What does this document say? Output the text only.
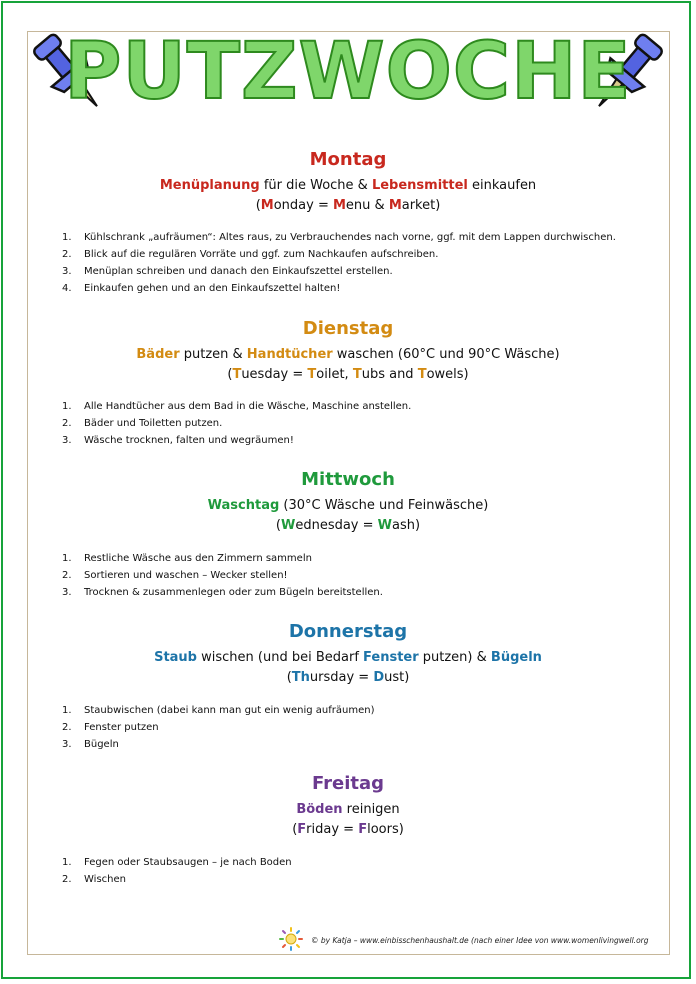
PUTZWOCHE
Montag
Menüplanung für die Woche & Lebensmittel einkaufen
(Monday = Menu & Market)
1. Kühlschrank „aufräumen“: Altes raus, zu Verbrauchendes nach vorne, ggf. mit dem Lappen durchwischen.
2. Blick auf die regulären Vorräte und ggf. zum Nachkaufen aufschreiben.
3. Menüplan schreiben und danach den Einkaufszettel erstellen.
4. Einkaufen gehen und an den Einkaufszettel halten!
Dienstag
Bäder putzen & Handtücher waschen (60°C und 90°C Wäsche)
(Tuesday = Toilet, Tubs and Towels)
1. Alle Handtücher aus dem Bad in die Wäsche, Maschine anstellen.
2. Bäder und Toiletten putzen.
3. Wäsche trocknen, falten und wegräumen!
Mittwoch
Waschtag (30°C Wäsche und Feinwäsche)
(Wednesday = Wash)
1. Restliche Wäsche aus den Zimmern sammeln
2. Sortieren und waschen – Wecker stellen!
3. Trocknen & zusammenlegen oder zum Bügeln bereitstellen.
Donnerstag
Staub wischen (und bei Bedarf Fenster putzen) & Bügeln
(Thursday = Dust)
1. Staubwischen (dabei kann man gut ein wenig aufräumen)
2. Fenster putzen
3. Bügeln
Freitag
Böden reinigen
(Friday = Floors)
1. Fegen oder Staubsaugen – je nach Boden
2. Wischen
© by Katja – www.einbisschenhaushalt.de (nach einer Idee von www.womenlivingwell.org
